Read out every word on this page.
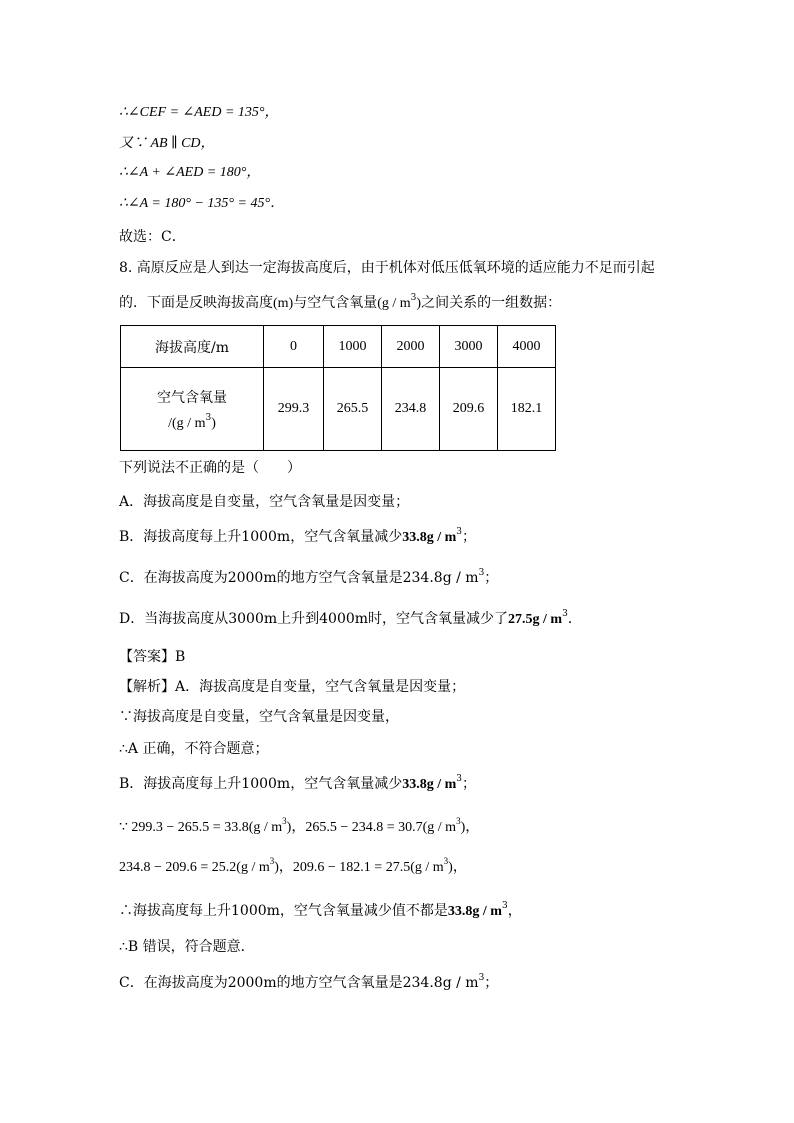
∴∠CEF = ∠AED = 135°，
又∵ AB ∥ CD，
∴∠A + ∠AED = 180°，
∴∠A = 180° − 135° = 45°．
故选：C．
8. 高原反应是人到达一定海拔高度后，由于机体对低压低氧环境的适应能力不足而引起
的．下面是反映海拔高度(m)与空气含氧量$(g / m^3)$之间关系的一组数据：
海拔高度/m	0	1000	2000	3000	4000

空气含氧量
$/(g / m^3)$	299.3	265.5	234.8	209.6	182.1
下列说法不正确的是（　　）
A．海拔高度是自变量，空气含氧量是因变量；
B．海拔高度每上升1000m，空气含氧量减少$33.8g / m^3$；
C．在海拔高度为2000m的地方空气含氧量是$234.8g / m^3$；
D．当海拔高度从3000m上升到4000m时，空气含氧量减少了$27.5g / m^3$．
【答案】B
【解析】A．海拔高度是自变量，空气含氧量是因变量；
∵海拔高度是自变量，空气含氧量是因变量，
∴A 正确，不符合题意；
B．海拔高度每上升1000m，空气含氧量减少$33.8g / m^3$；
∵ $299.3 - 265.5 = 33.8(g / m^3)$，$265.5 - 234.8 = 30.7(g / m^3)$，
$234.8 - 209.6 = 25.2(g / m^3)$，$209.6 - 182.1 = 27.5(g / m^3)$，
∴海拔高度每上升1000m，空气含氧量减少值不都是$33.8g / m^3$，
∴B 错误，符合题意．
C．在海拔高度为2000m的地方空气含氧量是$234.8g / m^3$；
